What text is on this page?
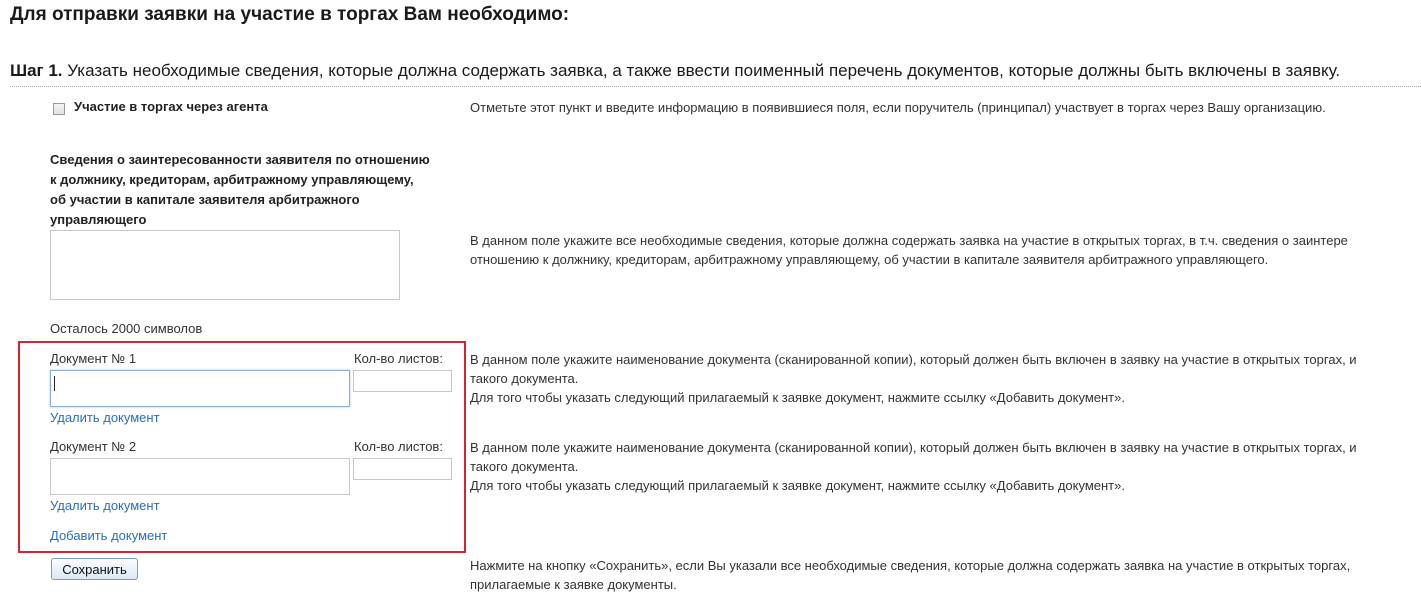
Для отправки заявки на участие в торгах Вам необходимо:
Шаг 1. Указать необходимые сведения, которые должна содержать заявка, а также ввести поименный перечень документов, которые должны быть включены в заявку.
Участие в торгах через агента	Отметьте этот пункт и введите информацию в появившиеся поля, если поручитель (принципал) участвует в торгах через Вашу организацию.
Сведения о заинтересованности заявителя по отношению к должнику, кредиторам, арбитражному управляющему, об участии в капитале заявителя арбитражного управляющего
В данном поле укажите все необходимые сведения, которые должна содержать заявка на участие в открытых торгах, в т.ч. сведения о заинтере
отношению к должнику, кредиторам, арбитражному управляющему, об участии в капитале заявителя арбитражного управляющего.
Осталось 2000 символов
Документ № 1	Кол-во листов:
Удалить документ
В данном поле укажите наименование документа (сканированной копии), который должен быть включен в заявку на участие в открытых торгах, и
такого документа.
Для того чтобы указать следующий прилагаемый к заявке документ, нажмите ссылку «Добавить документ».
Документ № 2	Кол-во листов:
Удалить документ
В данном поле укажите наименование документа (сканированной копии), который должен быть включен в заявку на участие в открытых торгах, и
такого документа.
Для того чтобы указать следующий прилагаемый к заявке документ, нажмите ссылку «Добавить документ».
Добавить документ
Сохранить	Нажмите на кнопку «Сохранить», если Вы указали все необходимые сведения, которые должна содержать заявка на участие в открытых торгах,
прилагаемые к заявке документы.
